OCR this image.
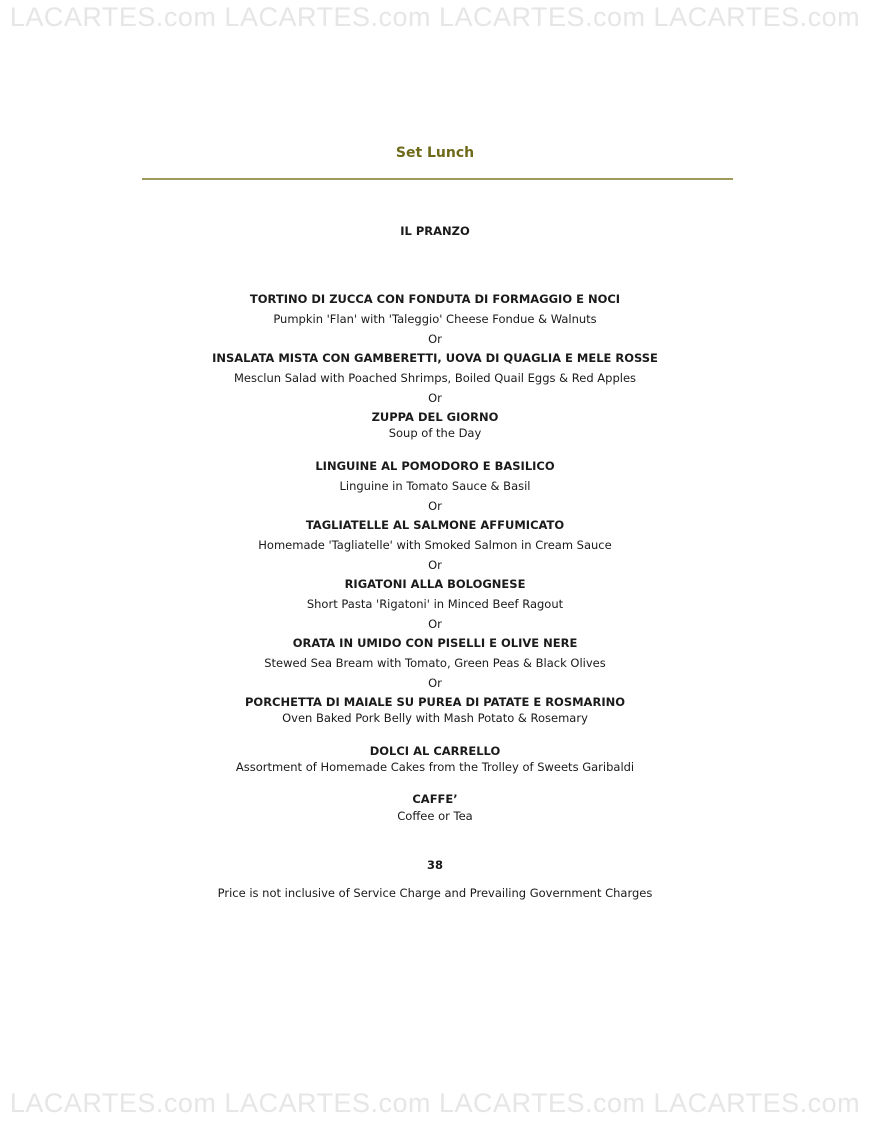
LACARTES.com LACARTES.com LACARTES.com LACARTES.com
Set Lunch
IL PRANZO
TORTINO DI ZUCCA CON FONDUTA DI FORMAGGIO E NOCI
Pumpkin 'Flan' with 'Taleggio' Cheese Fondue & Walnuts
Or
INSALATA MISTA CON GAMBERETTI, UOVA DI QUAGLIA E MELE ROSSE
Mesclun Salad with Poached Shrimps, Boiled Quail Eggs & Red Apples
Or
ZUPPA DEL GIORNO
Soup of the Day
LINGUINE AL POMODORO E BASILICO
Linguine in Tomato Sauce & Basil
Or
TAGLIATELLE AL SALMONE AFFUMICATO
Homemade 'Tagliatelle' with Smoked Salmon in Cream Sauce
Or
RIGATONI ALLA BOLOGNESE
Short Pasta 'Rigatoni' in Minced Beef Ragout
Or
ORATA IN UMIDO CON PISELLI E OLIVE NERE
Stewed Sea Bream with Tomato, Green Peas & Black Olives
Or
PORCHETTA DI MAIALE SU PUREA DI PATATE E ROSMARINO
Oven Baked Pork Belly with Mash Potato & Rosemary
DOLCI AL CARRELLO
Assortment of Homemade Cakes from the Trolley of Sweets Garibaldi
CAFFE’
Coffee or Tea
38
Price is not inclusive of Service Charge and Prevailing Government Charges
LACARTES.com LACARTES.com LACARTES.com LACARTES.com
